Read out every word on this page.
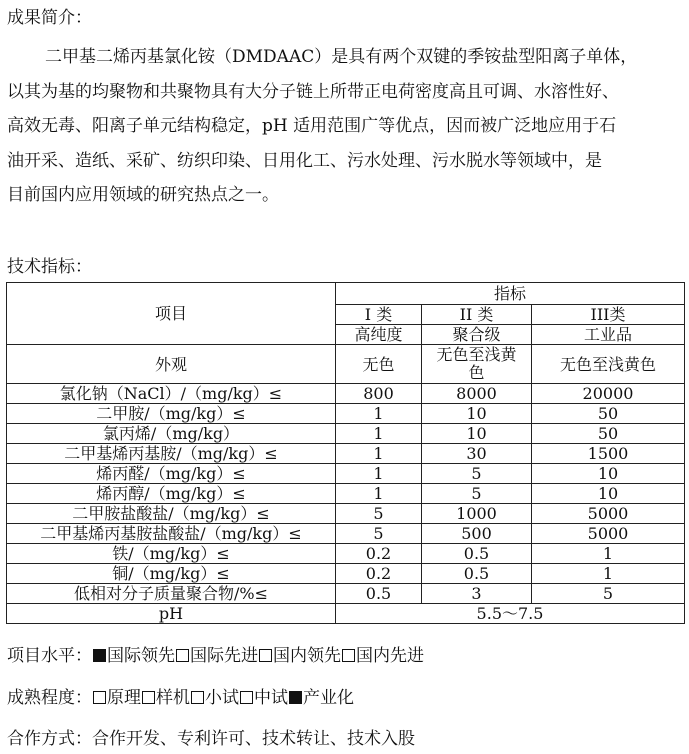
成果简介：
二甲基二烯丙基氯化铵（DMDAAC）是具有两个双键的季铵盐型阳离子单体，
以其为基的均聚物和共聚物具有大分子链上所带正电荷密度高且可调、水溶性好、
高效无毒、阳离子单元结构稳定，pH 适用范围广等优点，因而被广泛地应用于石
油开采、造纸、采矿、纺织印染、日用化工、污水处理、污水脱水等领域中，是
目前国内应用领域的研究热点之一。
技术指标：
项目	指标		
	I 类	II 类	III类
	高纯度	聚合级	工业品
外观	无色	无色至浅黄色	无色至浅黄色
氯化钠（NaCl）/（mg/kg）≤	800	8000	20000
二甲胺/（mg/kg）≤	1	10	50
氯丙烯/（mg/kg）	1	10	50
二甲基烯丙基胺/（mg/kg）≤	1	30	1500
烯丙醛/（mg/kg）≤	1	5	10
烯丙醇/（mg/kg）≤	1	5	10
二甲胺盐酸盐/（mg/kg）≤	5	1000	5000
二甲基烯丙基胺盐酸盐/（mg/kg）≤	5	500	5000
铁/（mg/kg）≤	0.2	0.5	1
铜/（mg/kg）≤	0.2	0.5	1
低相对分子质量聚合物/%≤	0.5	3	5
pH	5.5～7.5		
项目水平： 国际领先 国际先进 国内领先 国内先进
成熟程度： 原理 样机 小试 中试 产业化
合作方式：合作开发、专利许可、技术转让、技术入股
